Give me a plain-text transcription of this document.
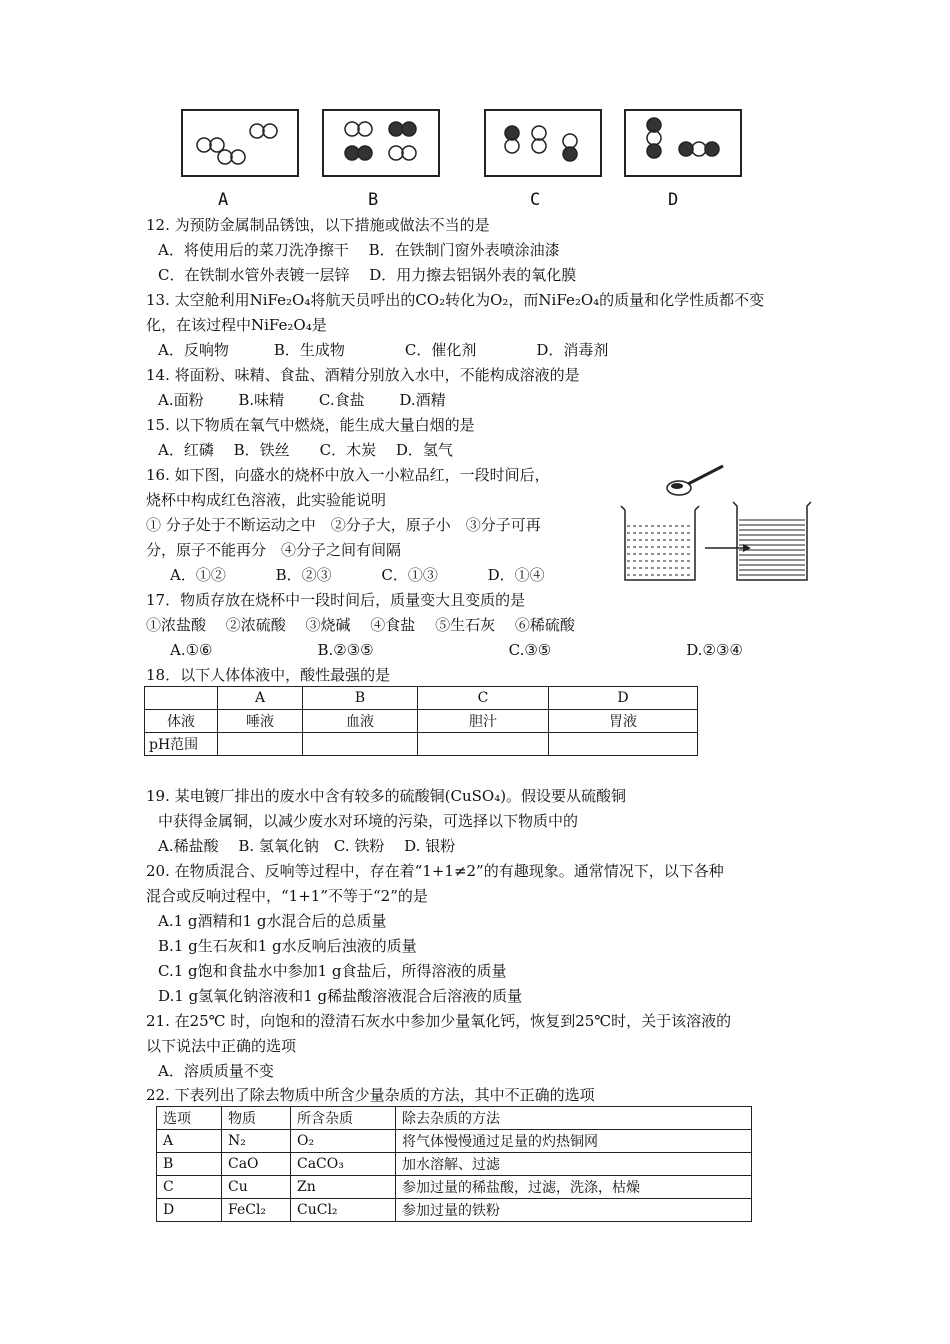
A	B	C	D
12. 为预防金属制品锈蚀，以下措施或做法不当的是
A．将使用后的菜刀洗净擦干　 B．在铁制门窗外表喷涂油漆
C．在铁制水管外表镀一层锌　 D．用力擦去铝锅外表的氧化膜
13. 太空舱利用NiFe₂O₄将航天员呼出的CO₂转化为O₂，而NiFe₂O₄的质量和化学性质都不变
化，在该过程中NiFe₂O₄是
A．反响物　　　B．生成物　　　　C．催化剂　　　　D．消毒剂
14. 将面粉、味精、食盐、酒精分别放入水中，不能构成溶液的是
A.面粉　　 B.味精　　 C.食盐　　 D.酒精
15. 以下物质在氧气中燃烧，能生成大量白烟的是
A．红磷　 B．铁丝　　C．木炭　 D．氢气
16. 如下图，向盛水的烧杯中放入一小粒品红，一段时间后，
烧杯中构成红色溶液，此实验能说明
① 分子处于不断运动之中　②分子大，原子小　③分子可再
分，原子不能再分　④分子之间有间隔
A．①②　　　 B．②③　　　 C．①③　　　 D．①④
17．物质存放在烧杯中一段时间后，质量变大且变质的是
①浓盐酸　 ②浓硫酸　 ③烧碱　 ④食盐　 ⑤生石灰　 ⑥稀硫酸
A.①⑥　　　　　　　B.②③⑤　　　　　　　　　C.③⑤　　　　　　　　　D.②③④
18．以下人体体液中，酸性最强的是
	A	B	C	D
体液	唾液	血液	胆汁	胃液
pH范围				
19. 某电镀厂排出的废水中含有较多的硫酸铜(CuSO₄)。假设要从硫酸铜
中获得金属铜，以减少废水对环境的污染，可选择以下物质中的
A.稀盐酸　 B. 氢氧化钠　C. 铁粉　 D. 银粉
20. 在物质混合、反响等过程中，存在着“1+1≠2”的有趣现象。通常情况下，以下各种
混合或反响过程中，“1+1”不等于“2”的是
A.1 g酒精和1 g水混合后的总质量
B.1 g生石灰和1 g水反响后浊液的质量
C.1 g饱和食盐水中参加1 g食盐后，所得溶液的质量
D.1 g氢氧化钠溶液和1 g稀盐酸溶液混合后溶液的质量
21. 在25℃ 时，向饱和的澄清石灰水中参加少量氧化钙，恢复到25℃时，关于该溶液的
以下说法中正确的选项
A．溶质质量不变
22. 下表列出了除去物质中所含少量杂质的方法，其中不正确的选项
选项	物质	所含杂质	除去杂质的方法
A	N₂	O₂	将气体慢慢通过足量的灼热铜网
B	CaO	CaCO₃	加水溶解、过滤
C	Cu	Zn	参加过量的稀盐酸，过滤，洗涤，枯燥
D	FeCl₂	CuCl₂	参加过量的铁粉
